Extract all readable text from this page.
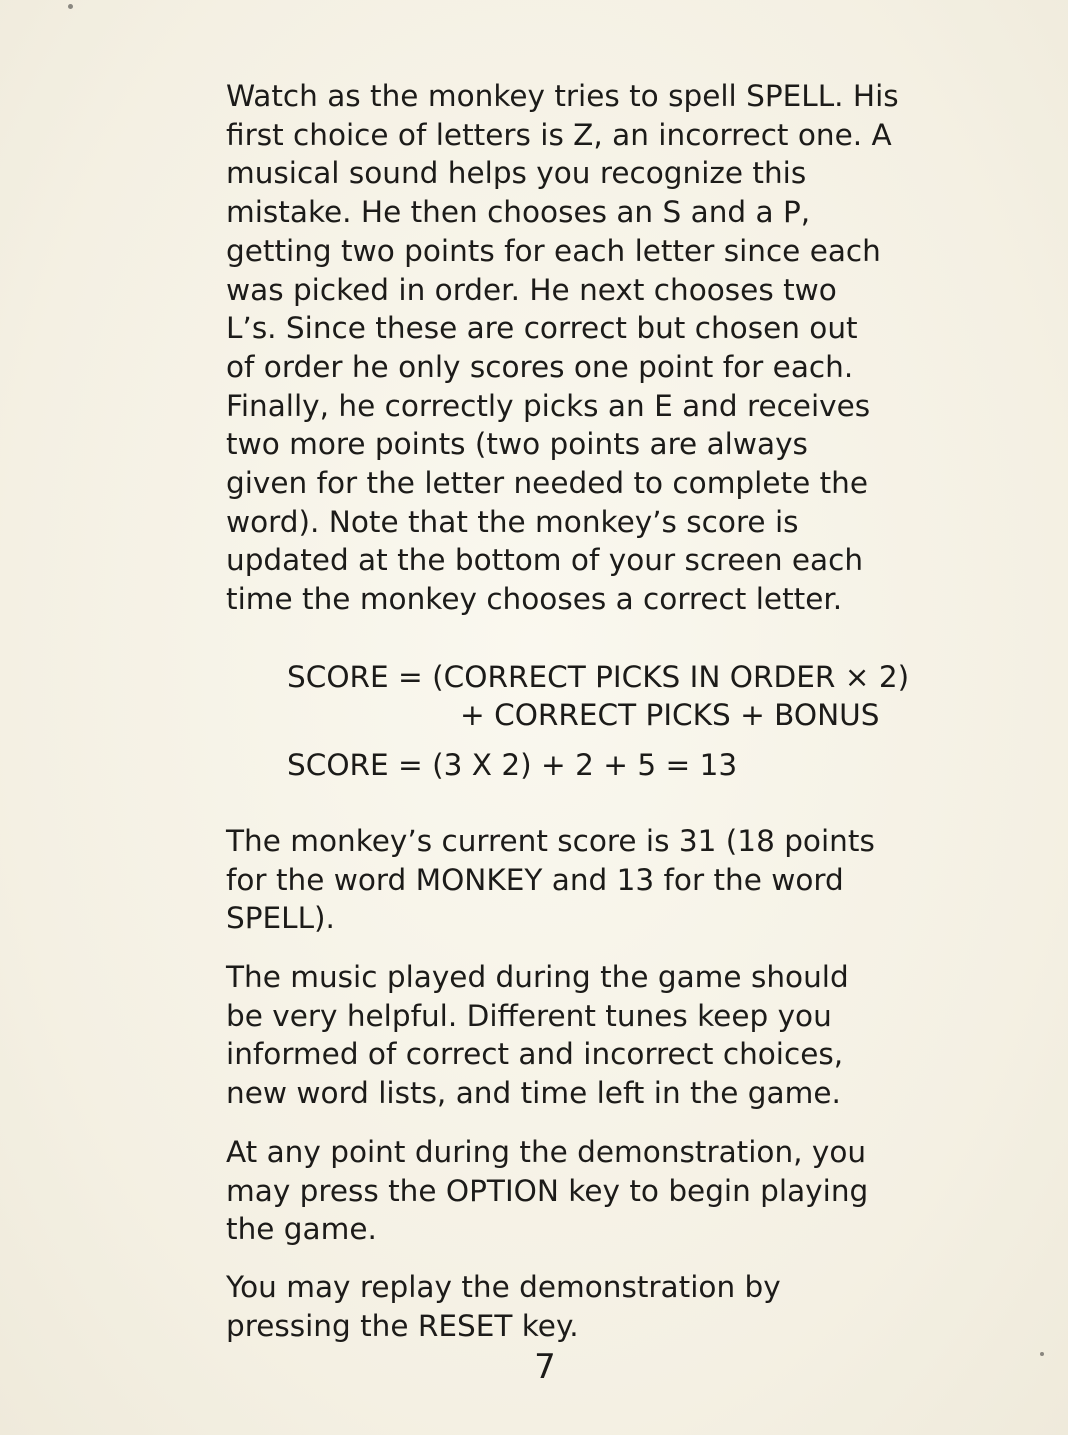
Watch as the monkey tries to spell SPELL. His
first choice of letters is Z, an incorrect one. A
musical sound helps you recognize this
mistake. He then chooses an S and a P,
getting two points for each letter since each
was picked in order. He next chooses two
L’s. Since these are correct but chosen out
of order he only scores one point for each.
Finally, he correctly picks an E and receives
two more points (two points are always
given for the letter needed to complete the
word). Note that the monkey’s score is
updated at the bottom of your screen each
time the monkey chooses a correct letter.

SCORE = (CORRECT PICKS IN ORDER × 2)
+ CORRECT PICKS + BONUS
SCORE = (3 X 2) + 2 + 5 = 13

The monkey’s current score is 31 (18 points
for the word MONKEY and 13 for the word
SPELL).

The music played during the game should
be very helpful. Different tunes keep you
informed of correct and incorrect choices,
new word lists, and time left in the game.

At any point during the demonstration, you
may press the OPTION key to begin playing
the game.

You may replay the demonstration by
pressing the RESET key.

7
